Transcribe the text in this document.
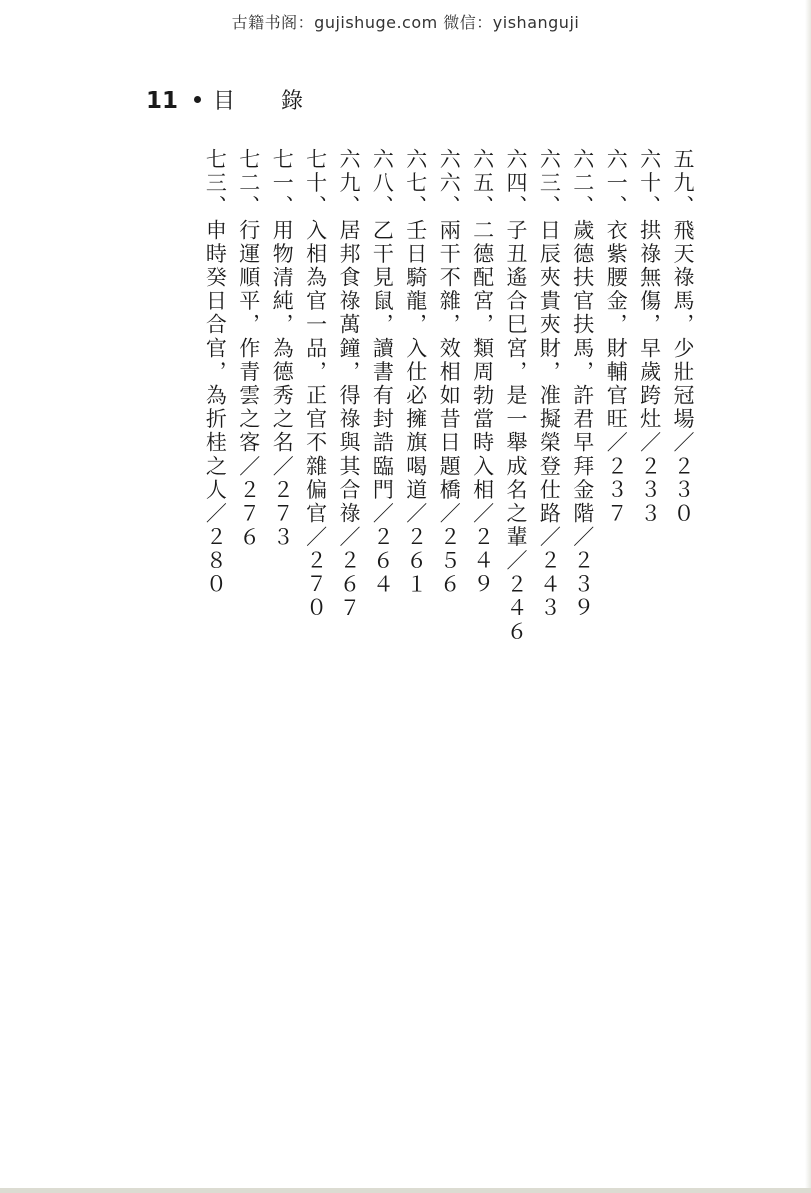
古籍书阁：gujishuge.com 微信：yishanguji
11 目錄
五九、飛天祿馬，少壯冠場／２３０
六十、拱祿無傷，早歲跨灶／２３３
六一、衣紫腰金，財輔官旺／２３７
六二、歲德扶官扶馬，許君早拜金階／２３９
六三、日辰夾貴夾財，准擬榮登仕路／２４３
六四、子丑遙合巳宮，是一舉成名之輩／２４６
六五、二德配宮，類周勃當時入相／２４９
六六、兩干不雜，效相如昔日題橋／２５６
六七、壬日騎龍，入仕必擁旗喝道／２６１
六八、乙干見鼠，讀書有封誥臨門／２６４
六九、居邦食祿萬鐘，得祿與其合祿／２６７
七十、入相為官一品，正官不雜偏官／２７０
七一、用物清純，為德秀之名／２７３
七二、行運順平，作青雲之客／２７６
七三、申時癸日合官，為折桂之人／２８０
